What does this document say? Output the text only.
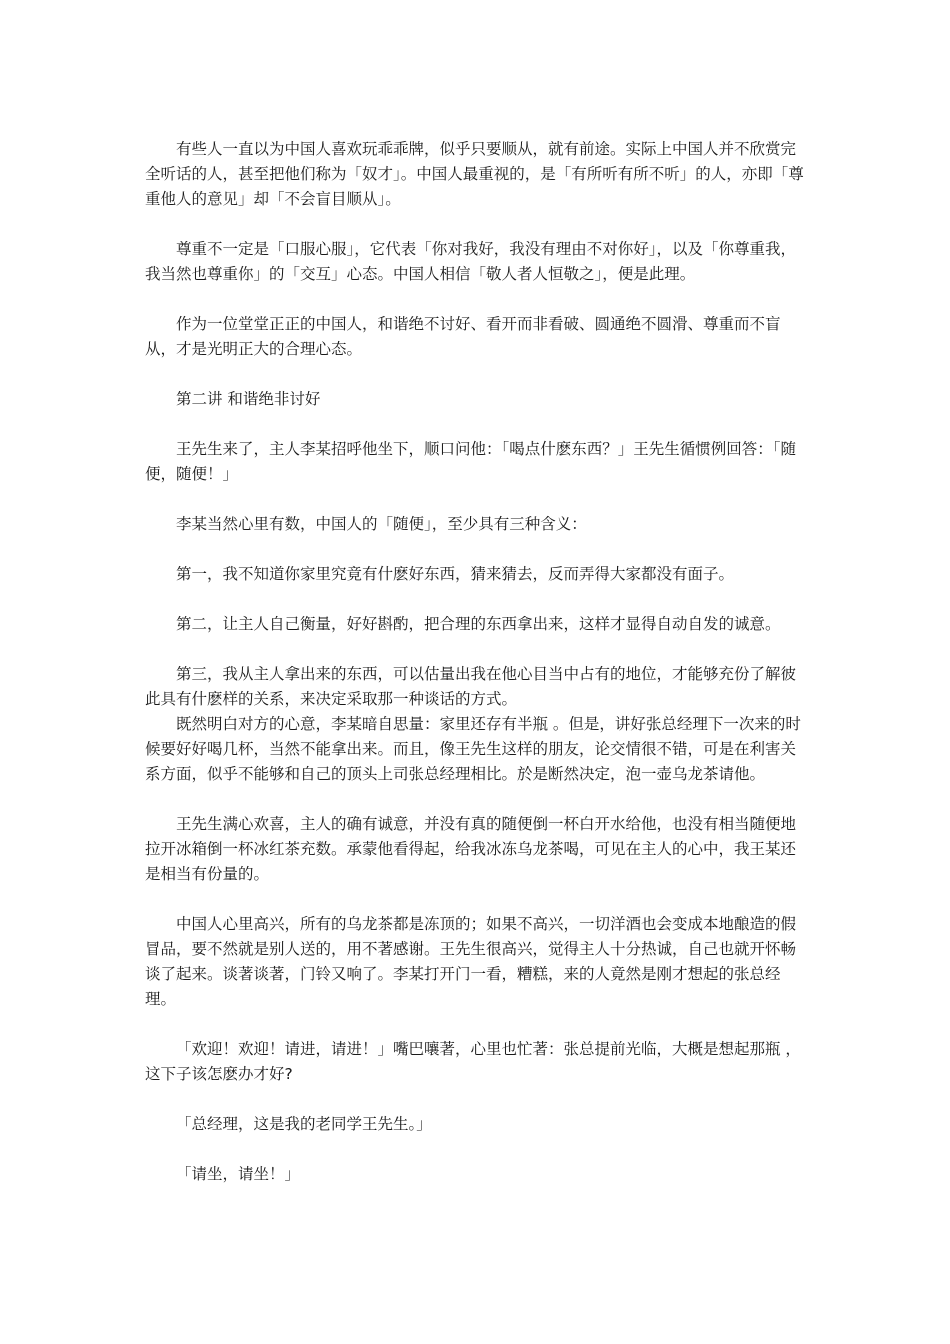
有些人一直以为中国人喜欢玩乖乖牌，似乎只要顺从，就有前途。实际上中国人并不欣赏完全听话的人，甚至把他们称为「奴才」。中国人最重视的，是「有所听有所不听」的人，亦即「尊重他人的意见」却「不会盲目顺从」。

尊重不一定是「口服心服」，它代表「你对我好，我没有理由不对你好」，以及「你尊重我，我当然也尊重你」的「交互」心态。中国人相信「敬人者人恒敬之」，便是此理。

作为一位堂堂正正的中国人，和谐绝不讨好、看开而非看破、圆通绝不圆滑、尊重而不盲从，才是光明正大的合理心态。

第二讲 和谐绝非讨好

王先生来了，主人李某招呼他坐下，顺口问他：「喝点什麽东西？」王先生循惯例回答：「随便，随便！」

李某当然心里有数，中国人的「随便」，至少具有三种含义：

第一，我不知道你家里究竟有什麽好东西，猜来猜去，反而弄得大家都没有面子。

第二，让主人自己衡量，好好斟酌，把合理的东西拿出来，这样才显得自动自发的诚意。

第三，我从主人拿出来的东西，可以估量出我在他心目当中占有的地位，才能够充份了解彼此具有什麽样的关系，来决定采取那一种谈话的方式。

既然明白对方的心意，李某暗自思量：家里还存有半瓶 。但是，讲好张总经理下一次来的时候要好好喝几杯，当然不能拿出来。而且，像王先生这样的朋友，论交情很不错，可是在利害关系方面，似乎不能够和自己的顶头上司张总经理相比。於是断然决定，泡一壶乌龙茶请他。

王先生满心欢喜，主人的确有诚意，并没有真的随便倒一杯白开水给他，也没有相当随便地拉开冰箱倒一杯冰红茶充数。承蒙他看得起，给我冰冻乌龙茶喝，可见在主人的心中，我王某还是相当有份量的。

中国人心里高兴，所有的乌龙茶都是冻顶的；如果不高兴，一切洋酒也会变成本地酿造的假冒品，要不然就是别人送的，用不著感谢。王先生很高兴，觉得主人十分热诚，自己也就开怀畅谈了起来。谈著谈著，门铃又响了。李某打开门一看，糟糕，来的人竟然是刚才想起的张总经理。

「欢迎！欢迎！请进，请进！」嘴巴嚷著，心里也忙著：张总提前光临，大概是想起那瓶 ，这下子该怎麽办才好?

「总经理，这是我的老同学王先生。」

「请坐，请坐！」
